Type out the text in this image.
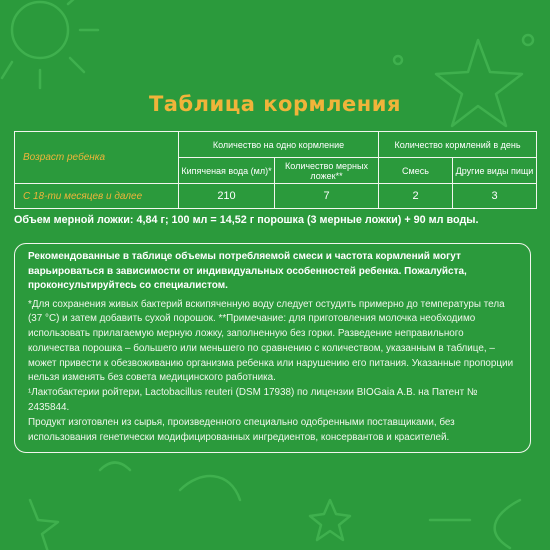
Таблица кормления
Возраст ребенка	Количество на одно кормление		Количество кормлений в день	
	Кипяченая вода (мл)*	Количество мерных ложек**	Смесь	Другие виды пищи
С 18-ти месяцев и далее	210	7	2	3
Объем мерной ложки: 4,84 г; 100 мл = 14,52 г порошка (3 мерные ложки) + 90 мл воды.

Рекомендованные в таблице объемы потребляемой смеси и частота кормлений могут варьироваться в зависимости от индивидуальных особенностей ребенка. Пожалуйста, проконсультируйтесь со специалистом.

*Для сохранения живых бактерий вскипяченную воду следует остудить примерно до температуры тела (37 °C) и затем добавить сухой порошок. **Примечание: для приготовления молочка необходимо использовать прилагаемую мерную ложку, заполненную без горки. Разведение неправильного количества порошка – большего или меньшего по сравнению с количеством, указанным в таблице, – может привести к обезвоживанию организма ребенка или нарушению его питания. Указанные пропорции нельзя изменять без совета медицинского работника.

¹Лактобактерии ройтери, Lactobacillus reuteri (DSM 17938) по лицензии BIOGaia A.B. на Патент № 2435844.

Продукт изготовлен из сырья, произведенного специально одобренными поставщиками, без использования генетически модифицированных ингредиентов, консервантов и красителей.
